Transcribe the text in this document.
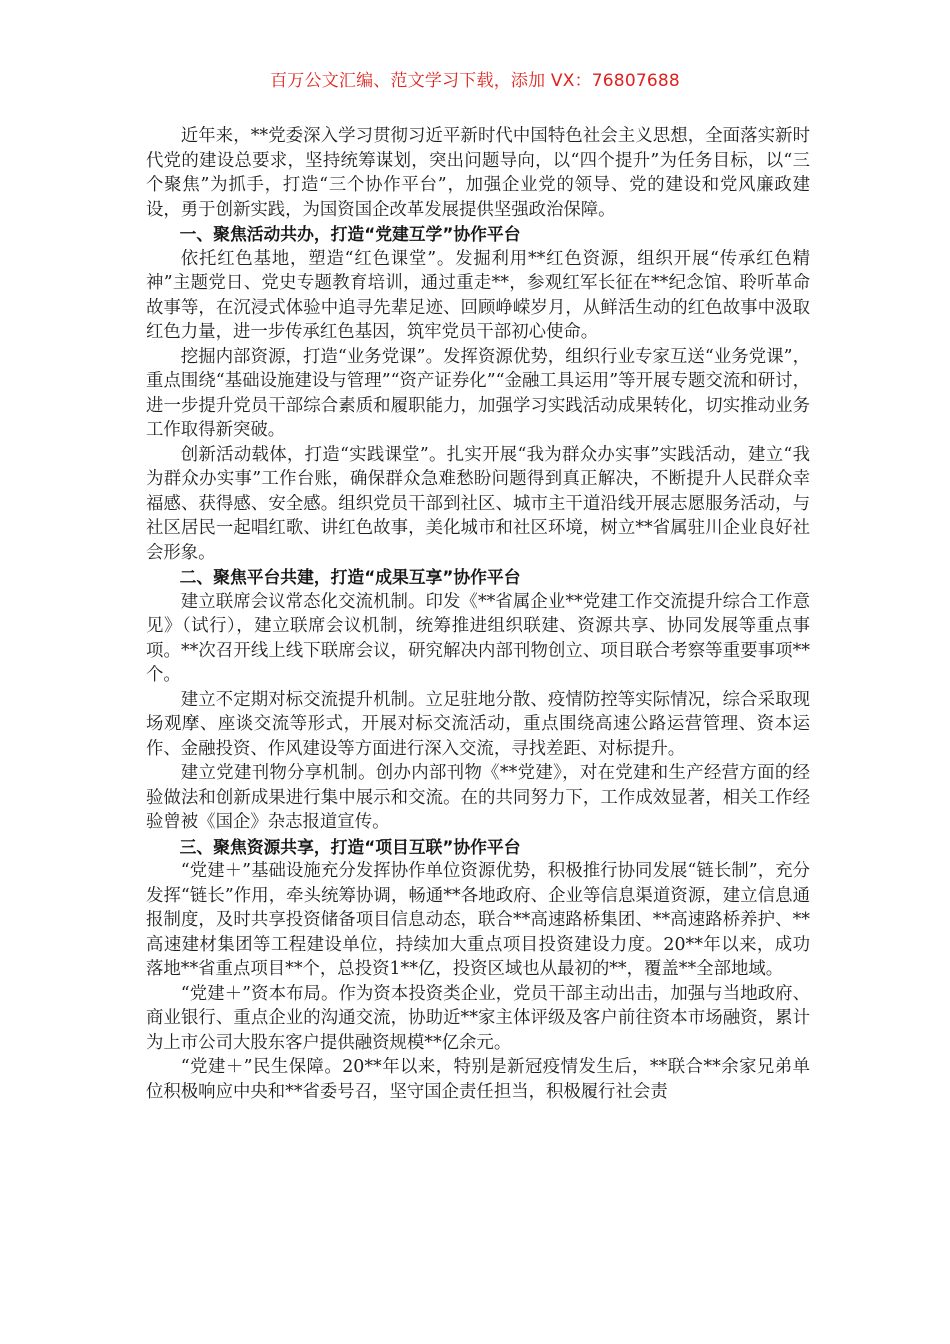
百万公文汇编、范文学习下载，添加 VX：76807688

近年来，**党委深入学习贯彻习近平新时代中国特色社会主义思想，全面落实新时代党的建设总要求，坚持统筹谋划，突出问题导向，以“四个提升”为任务目标，以“三个聚焦”为抓手，打造“三个协作平台”，加强企业党的领导、党的建设和党风廉政建设，勇于创新实践，为国资国企改革发展提供坚强政治保障。

一、聚焦活动共办，打造“党建互学”协作平台

依托红色基地，塑造“红色课堂”。发掘利用**红色资源，组织开展“传承红色精神”主题党日、党史专题教育培训，通过重走**，参观红军长征在**纪念馆、聆听革命故事等，在沉浸式体验中追寻先辈足迹、回顾峥嵘岁月，从鲜活生动的红色故事中汲取红色力量，进一步传承红色基因，筑牢党员干部初心使命。

挖掘内部资源，打造“业务党课”。发挥资源优势，组织行业专家互送“业务党课”，重点围绕“基础设施建设与管理”“资产证券化”“金融工具运用”等开展专题交流和研讨，进一步提升党员干部综合素质和履职能力，加强学习实践活动成果转化，切实推动业务工作取得新突破。

创新活动载体，打造“实践课堂”。扎实开展“我为群众办实事”实践活动，建立“我为群众办实事”工作台账，确保群众急难愁盼问题得到真正解决，不断提升人民群众幸福感、获得感、安全感。组织党员干部到社区、城市主干道沿线开展志愿服务活动，与社区居民一起唱红歌、讲红色故事，美化城市和社区环境，树立**省属驻川企业良好社会形象。

二、聚焦平台共建，打造“成果互享”协作平台

建立联席会议常态化交流机制。印发《**省属企业**党建工作交流提升综合工作意见》（试行），建立联席会议机制，统筹推进组织联建、资源共享、协同发展等重点事项。**次召开线上线下联席会议，研究解决内部刊物创立、项目联合考察等重要事项**个。

建立不定期对标交流提升机制。立足驻地分散、疫情防控等实际情况，综合采取现场观摩、座谈交流等形式，开展对标交流活动，重点围绕高速公路运营管理、资本运作、金融投资、作风建设等方面进行深入交流，寻找差距、对标提升。

建立党建刊物分享机制。创办内部刊物《**党建》，对在党建和生产经营方面的经验做法和创新成果进行集中展示和交流。在的共同努力下，工作成效显著，相关工作经验曾被《国企》杂志报道宣传。

三、聚焦资源共享，打造“项目互联”协作平台

“党建＋”基础设施充分发挥协作单位资源优势，积极推行协同发展“链长制”，充分发挥“链长”作用，牵头统筹协调，畅通**各地政府、企业等信息渠道资源，建立信息通报制度，及时共享投资储备项目信息动态，联合**高速路桥集团、**高速路桥养护、**高速建材集团等工程建设单位，持续加大重点项目投资建设力度。20**年以来，成功落地**省重点项目**个，总投资1**亿，投资区域也从最初的**，覆盖**全部地域。

“党建＋”资本布局。作为资本投资类企业，党员干部主动出击，加强与当地政府、商业银行、重点企业的沟通交流，协助近**家主体评级及客户前往资本市场融资，累计为上市公司大股东客户提供融资规模**亿余元。

“党建＋”民生保障。20**年以来，特别是新冠疫情发生后，**联合**余家兄弟单位积极响应中央和**省委号召，坚守国企责任担当，积极履行社会责
